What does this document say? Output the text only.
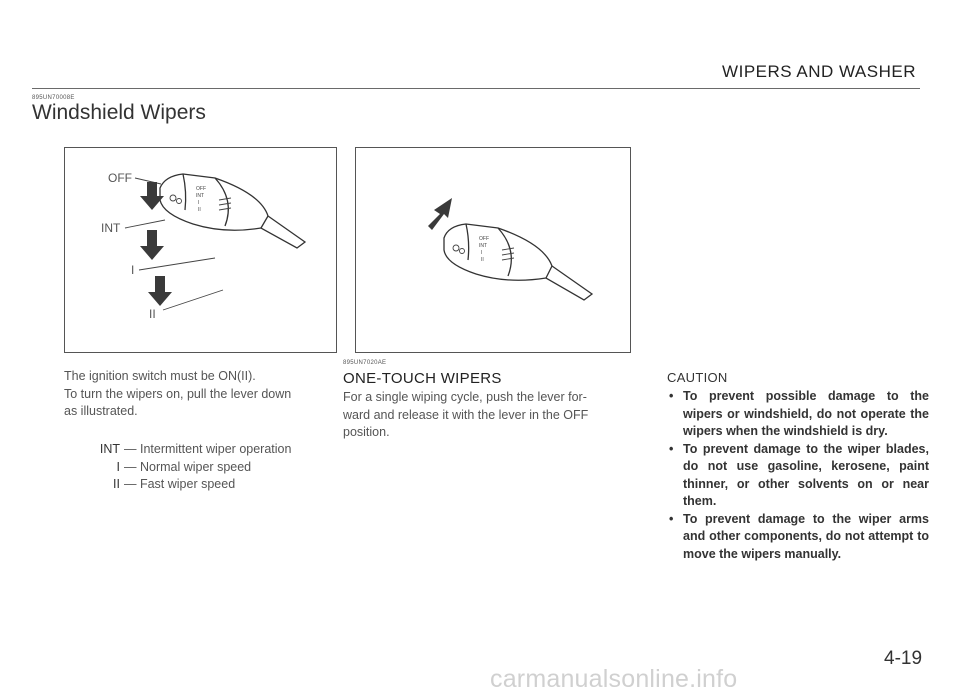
WIPERS AND WASHER
895UN70008E
Windshield Wipers
OFF
INT
I
II
OFF
INT
I
II
OFF
INT
I
II

The ignition switch must be ON(II).

To turn the wipers on, pull the lever down

as illustrated.

INT — Intermittent wiper operation
I — Normal wiper speed
II — Fast wiper speed
895UN7020AE
ONE-TOUCH WIPERS

For a single wiping cycle, push the lever for-

ward and release it with the lever in the OFF

position.

CAUTION
• To prevent possible damage to the wipers or windshield, do not operate the wipers when the windshield is dry.
• To prevent damage to the wiper blades, do not use gasoline, kerosene, paint thinner, or other solvents on or near them.
• To prevent damage to the wiper arms and other components, do not attempt to move the wipers manually.
4-19
carmanualsonline.info
